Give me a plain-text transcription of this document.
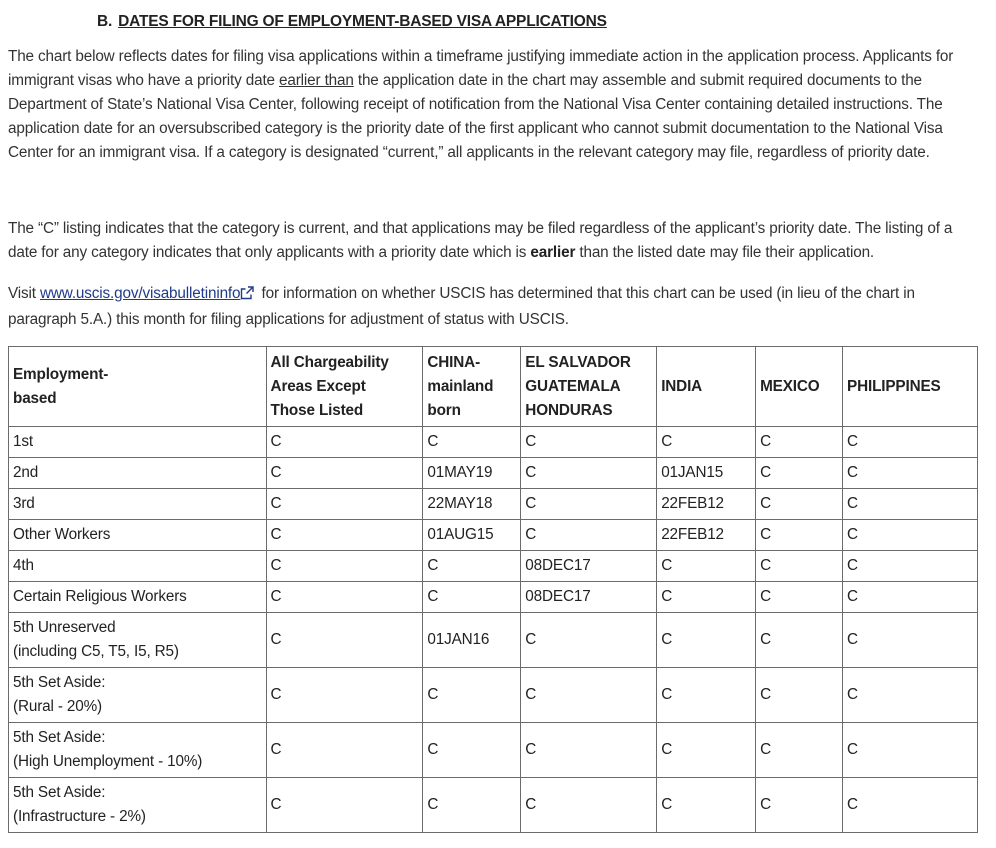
B. DATES FOR FILING OF EMPLOYMENT-BASED VISA APPLICATIONS

The chart below reflects dates for filing visa applications within a timeframe justifying immediate action in the application process. Applicants for immigrant visas who have a priority date earlier than the application date in the chart may assemble and submit required documents to the Department of State’s National Visa Center, following receipt of notification from the National Visa Center containing detailed instructions. The application date for an oversubscribed category is the priority date of the first applicant who cannot submit documentation to the National Visa Center for an immigrant visa. If a category is designated “current,” all applicants in the relevant category may file, regardless of priority date.

The “C” listing indicates that the category is current, and that applications may be filed regardless of the applicant’s priority date. The listing of a date for any category indicates that only applicants with a priority date which is earlier than the listed date may file their application.

Visit www.uscis.gov/visabulletininfo for information on whether USCIS has determined that this chart can be used (in lieu of the chart in paragraph 5.A.) this month for filing applications for adjustment of status with USCIS.

Employment-
based	All Chargeability
Areas Except
Those Listed	CHINA-
mainland
born	EL SALVADOR
GUATEMALA
HONDURAS	INDIA	MEXICO	PHILIPPINES

1st	C	C	C	C	C	C

2nd	C	01MAY19	C	01JAN15	C	C

3rd	C	22MAY18	C	22FEB12	C	C

Other Workers	C	01AUG15	C	22FEB12	C	C

4th	C	C	08DEC17	C	C	C

Certain Religious Workers	C	C	08DEC17	C	C	C

5th Unreserved
(including C5, T5, I5, R5)	C	01JAN16	C	C	C	C

5th Set Aside:
(Rural - 20%)	C	C	C	C	C	C

5th Set Aside:
(High Unemployment - 10%)	C	C	C	C	C	C

5th Set Aside:
(Infrastructure - 2%)	C	C	C	C	C	C
